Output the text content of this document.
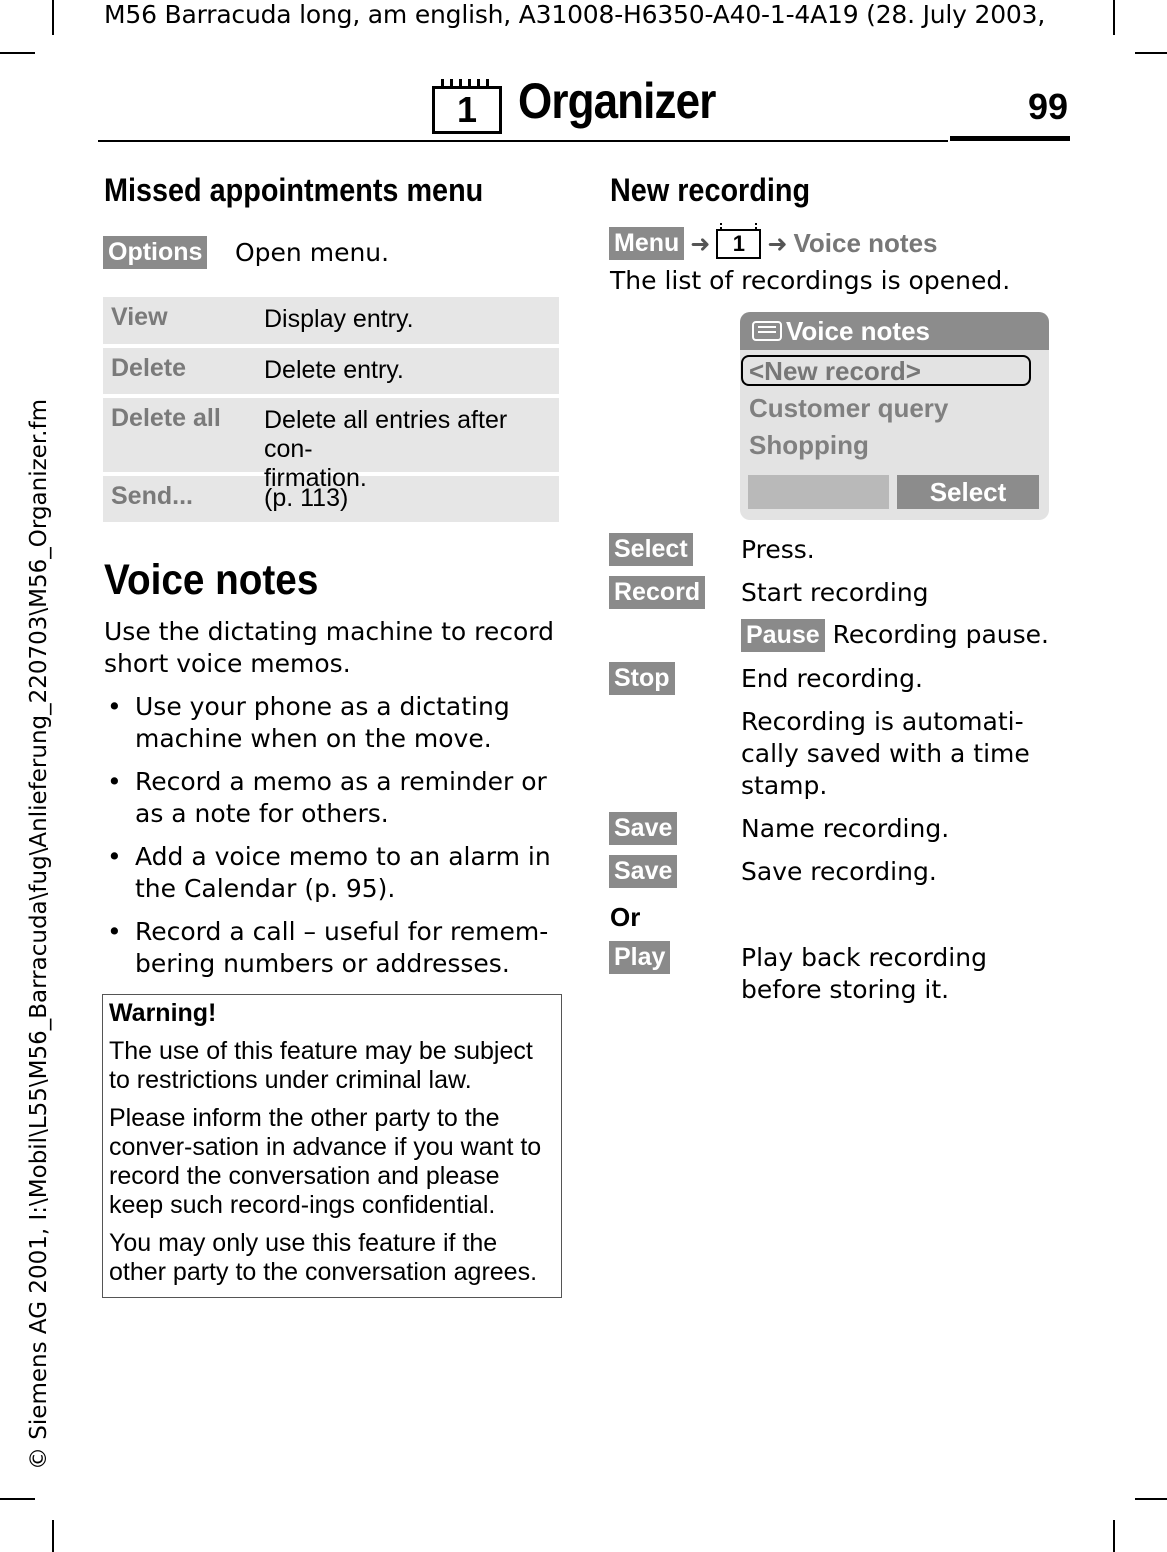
M56 Barracuda long, am english, A31008-H6350-A40-1-4A19 (28. July 2003,
© Siemens AG 2001, I:\Mobil\L55\M56_Barracuda\fug\Anlieferung_220703\M56_Organizer.fm
1 Organizer	99
Missed appointments menu
Options Open menu.
View	Display entry.
Delete	Delete entry.
Delete all	Delete all entries after con-
firmation.
Send...	(p. 113)
Voice notes
Use the dictating machine to record short voice memos.
• Use your phone as a dictating machine when on the move.
• Record a memo as a reminder or as a note for others.
• Add a voice memo to an alarm in the Calendar (p. 95).
• Record a call – useful for remem-bering numbers or addresses.

Warning!

The use of this feature may be subject to restrictions under criminal law.

Please inform the other party to the conver-sation in advance if you want to record the conversation and please keep such record-ings confidential.

You may only use this feature if the other party to the conversation agrees.

New recording
Menu ➜	1 ➜ Voice notes
The list of recordings is opened.
Voice notes
<New record>
Customer query
Shopping
Select
Select Press.
Record Start recording
Pause Recording pause.
Stop	End recording.
Recording is automati-cally saved with a time stamp.
Save	Name recording.
Save	Save recording.
Or
Play	Play back recording before storing it.
